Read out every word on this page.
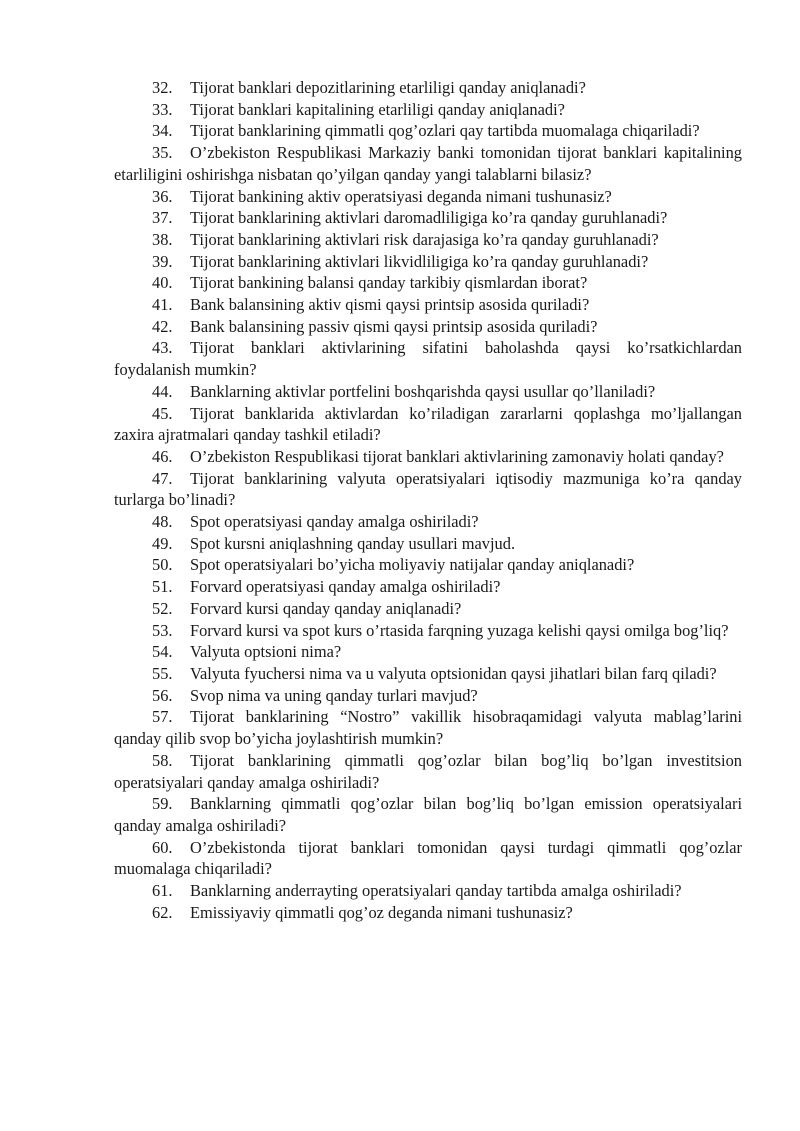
32. Tijorat banklari depozitlarining etarliligi qanday aniqlanadi?

33. Tijorat banklari kapitalining etarliligi qanday aniqlanadi?

34. Tijorat banklarining qimmatli qog’ozlari qay tartibda muomalaga chiqariladi?

35. O’zbekiston Respublikasi Markaziy banki tomonidan tijorat banklari kapitalining etarliligini oshirishga nisbatan qo’yilgan qanday yangi talablarni bilasiz?

36. Tijorat bankining aktiv operatsiyasi deganda nimani tushunasiz?

37. Tijorat banklarining aktivlari daromadliligiga ko’ra qanday guruhlanadi?

38. Tijorat banklarining aktivlari risk darajasiga ko’ra qanday guruhlanadi?

39. Tijorat banklarining aktivlari likvidliligiga ko’ra qanday guruhlanadi?

40. Tijorat bankining balansi qanday tarkibiy qismlardan iborat?

41. Bank balansining aktiv qismi qaysi printsip asosida quriladi?

42. Bank balansining passiv qismi qaysi printsip asosida quriladi?

43. Tijorat banklari aktivlarining sifatini baholashda qaysi ko’rsatkichlardan foydalanish mumkin?

44. Banklarning aktivlar portfelini boshqarishda qaysi usullar qo’llaniladi?

45. Tijorat banklarida aktivlardan ko’riladigan zararlarni qoplashga mo’ljallangan zaxira ajratmalari qanday tashkil etiladi?

46. O’zbekiston Respublikasi tijorat banklari aktivlarining zamonaviy holati qanday?

47. Tijorat banklarining valyuta operatsiyalari iqtisodiy mazmuniga ko’ra qanday turlarga bo’linadi?

48. Spot operatsiyasi qanday amalga oshiriladi?

49. Spot kursni aniqlashning qanday usullari mavjud.

50. Spot operatsiyalari bo’yicha moliyaviy natijalar qanday aniqlanadi?

51. Forvard operatsiyasi qanday amalga oshiriladi?

52. Forvard kursi qanday qanday aniqlanadi?

53. Forvard kursi va spot kurs o’rtasida farqning yuzaga kelishi qaysi omilga bog’liq?

54. Valyuta optsioni nima?

55. Valyuta fyuchersi nima va u valyuta optsionidan qaysi jihatlari bilan farq qiladi?

56. Svop nima va uning qanday turlari mavjud?

57. Tijorat banklarining “Nostro” vakillik hisobraqamidagi valyuta mablag’larini qanday qilib svop bo’yicha joylashtirish mumkin?

58. Tijorat banklarining qimmatli qog’ozlar bilan bog’liq bo’lgan investitsion operatsiyalari qanday amalga oshiriladi?

59. Banklarning qimmatli qog’ozlar bilan bog’liq bo’lgan emission operatsiyalari qanday amalga oshiriladi?

60. O’zbekistonda tijorat banklari tomonidan qaysi turdagi qimmatli qog’ozlar muomalaga chiqariladi?

61. Banklarning anderrayting operatsiyalari qanday tartibda amalga oshiriladi?

62. Emissiyaviy qimmatli qog’oz deganda nimani tushunasiz?
